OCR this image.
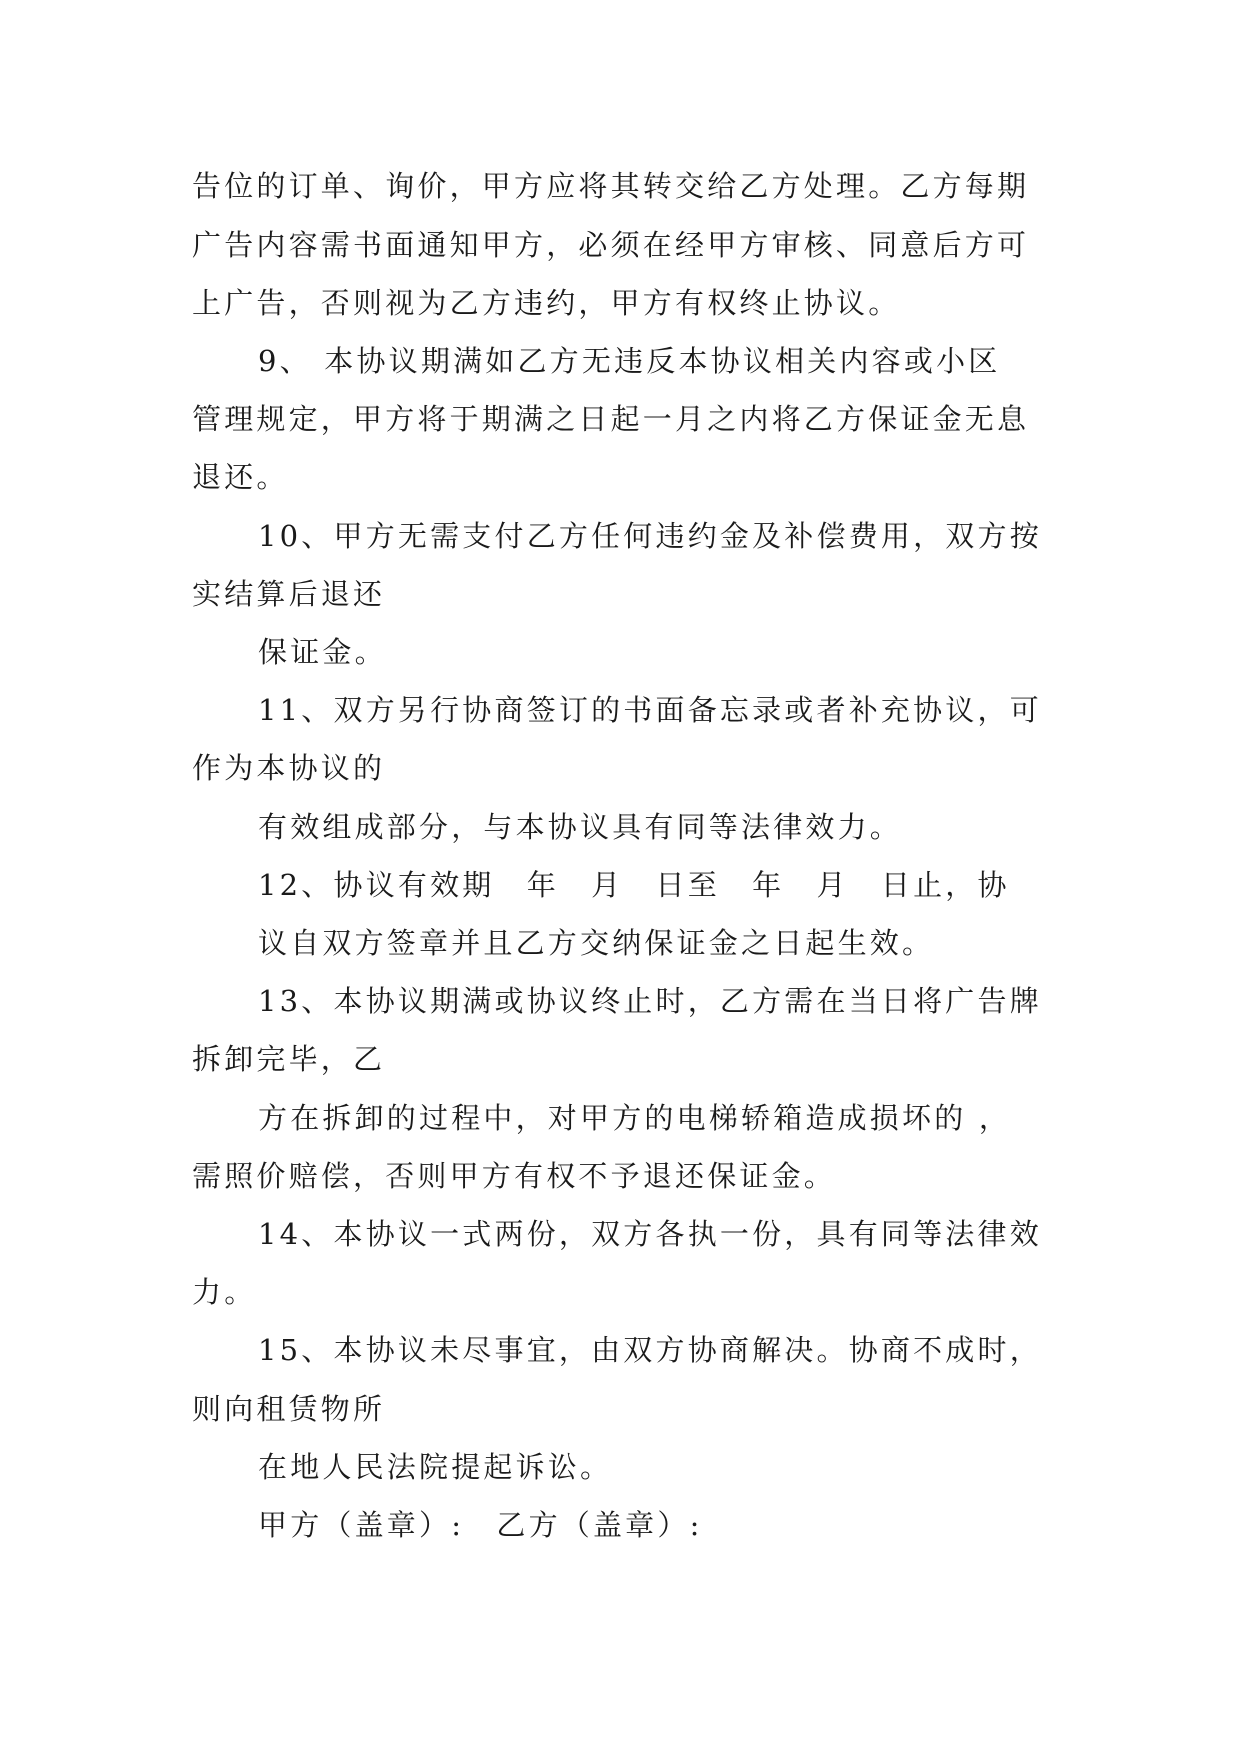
告位的订单、询价，甲方应将其转交给乙方处理。乙方每期
广告内容需书面通知甲方，必须在经甲方审核、同意后方可
上广告，否则视为乙方违约，甲方有权终止协议。
9、 本协议期满如乙方无违反本协议相关内容或小区
管理规定，甲方将于期满之日起一月之内将乙方保证金无息
退还。
10、甲方无需支付乙方任何违约金及补偿费用，双方按
实结算后退还
保证金。
11、双方另行协商签订的书面备忘录或者补充协议，可
作为本协议的
有效组成部分，与本协议具有同等法律效力。
12、协议有效期　年　月　日至　年　月　日止，协
议自双方签章并且乙方交纳保证金之日起生效。
13、本协议期满或协议终止时，乙方需在当日将广告牌
拆卸完毕，乙
方在拆卸的过程中，对甲方的电梯轿箱造成损坏的 ，
需照价赔偿，否则甲方有权不予退还保证金。
14、本协议一式两份，双方各执一份，具有同等法律效
力。
15、本协议未尽事宜，由双方协商解决。协商不成时，
则向租赁物所
在地人民法院提起诉讼。
甲方（盖章）:　乙方（盖章）:
